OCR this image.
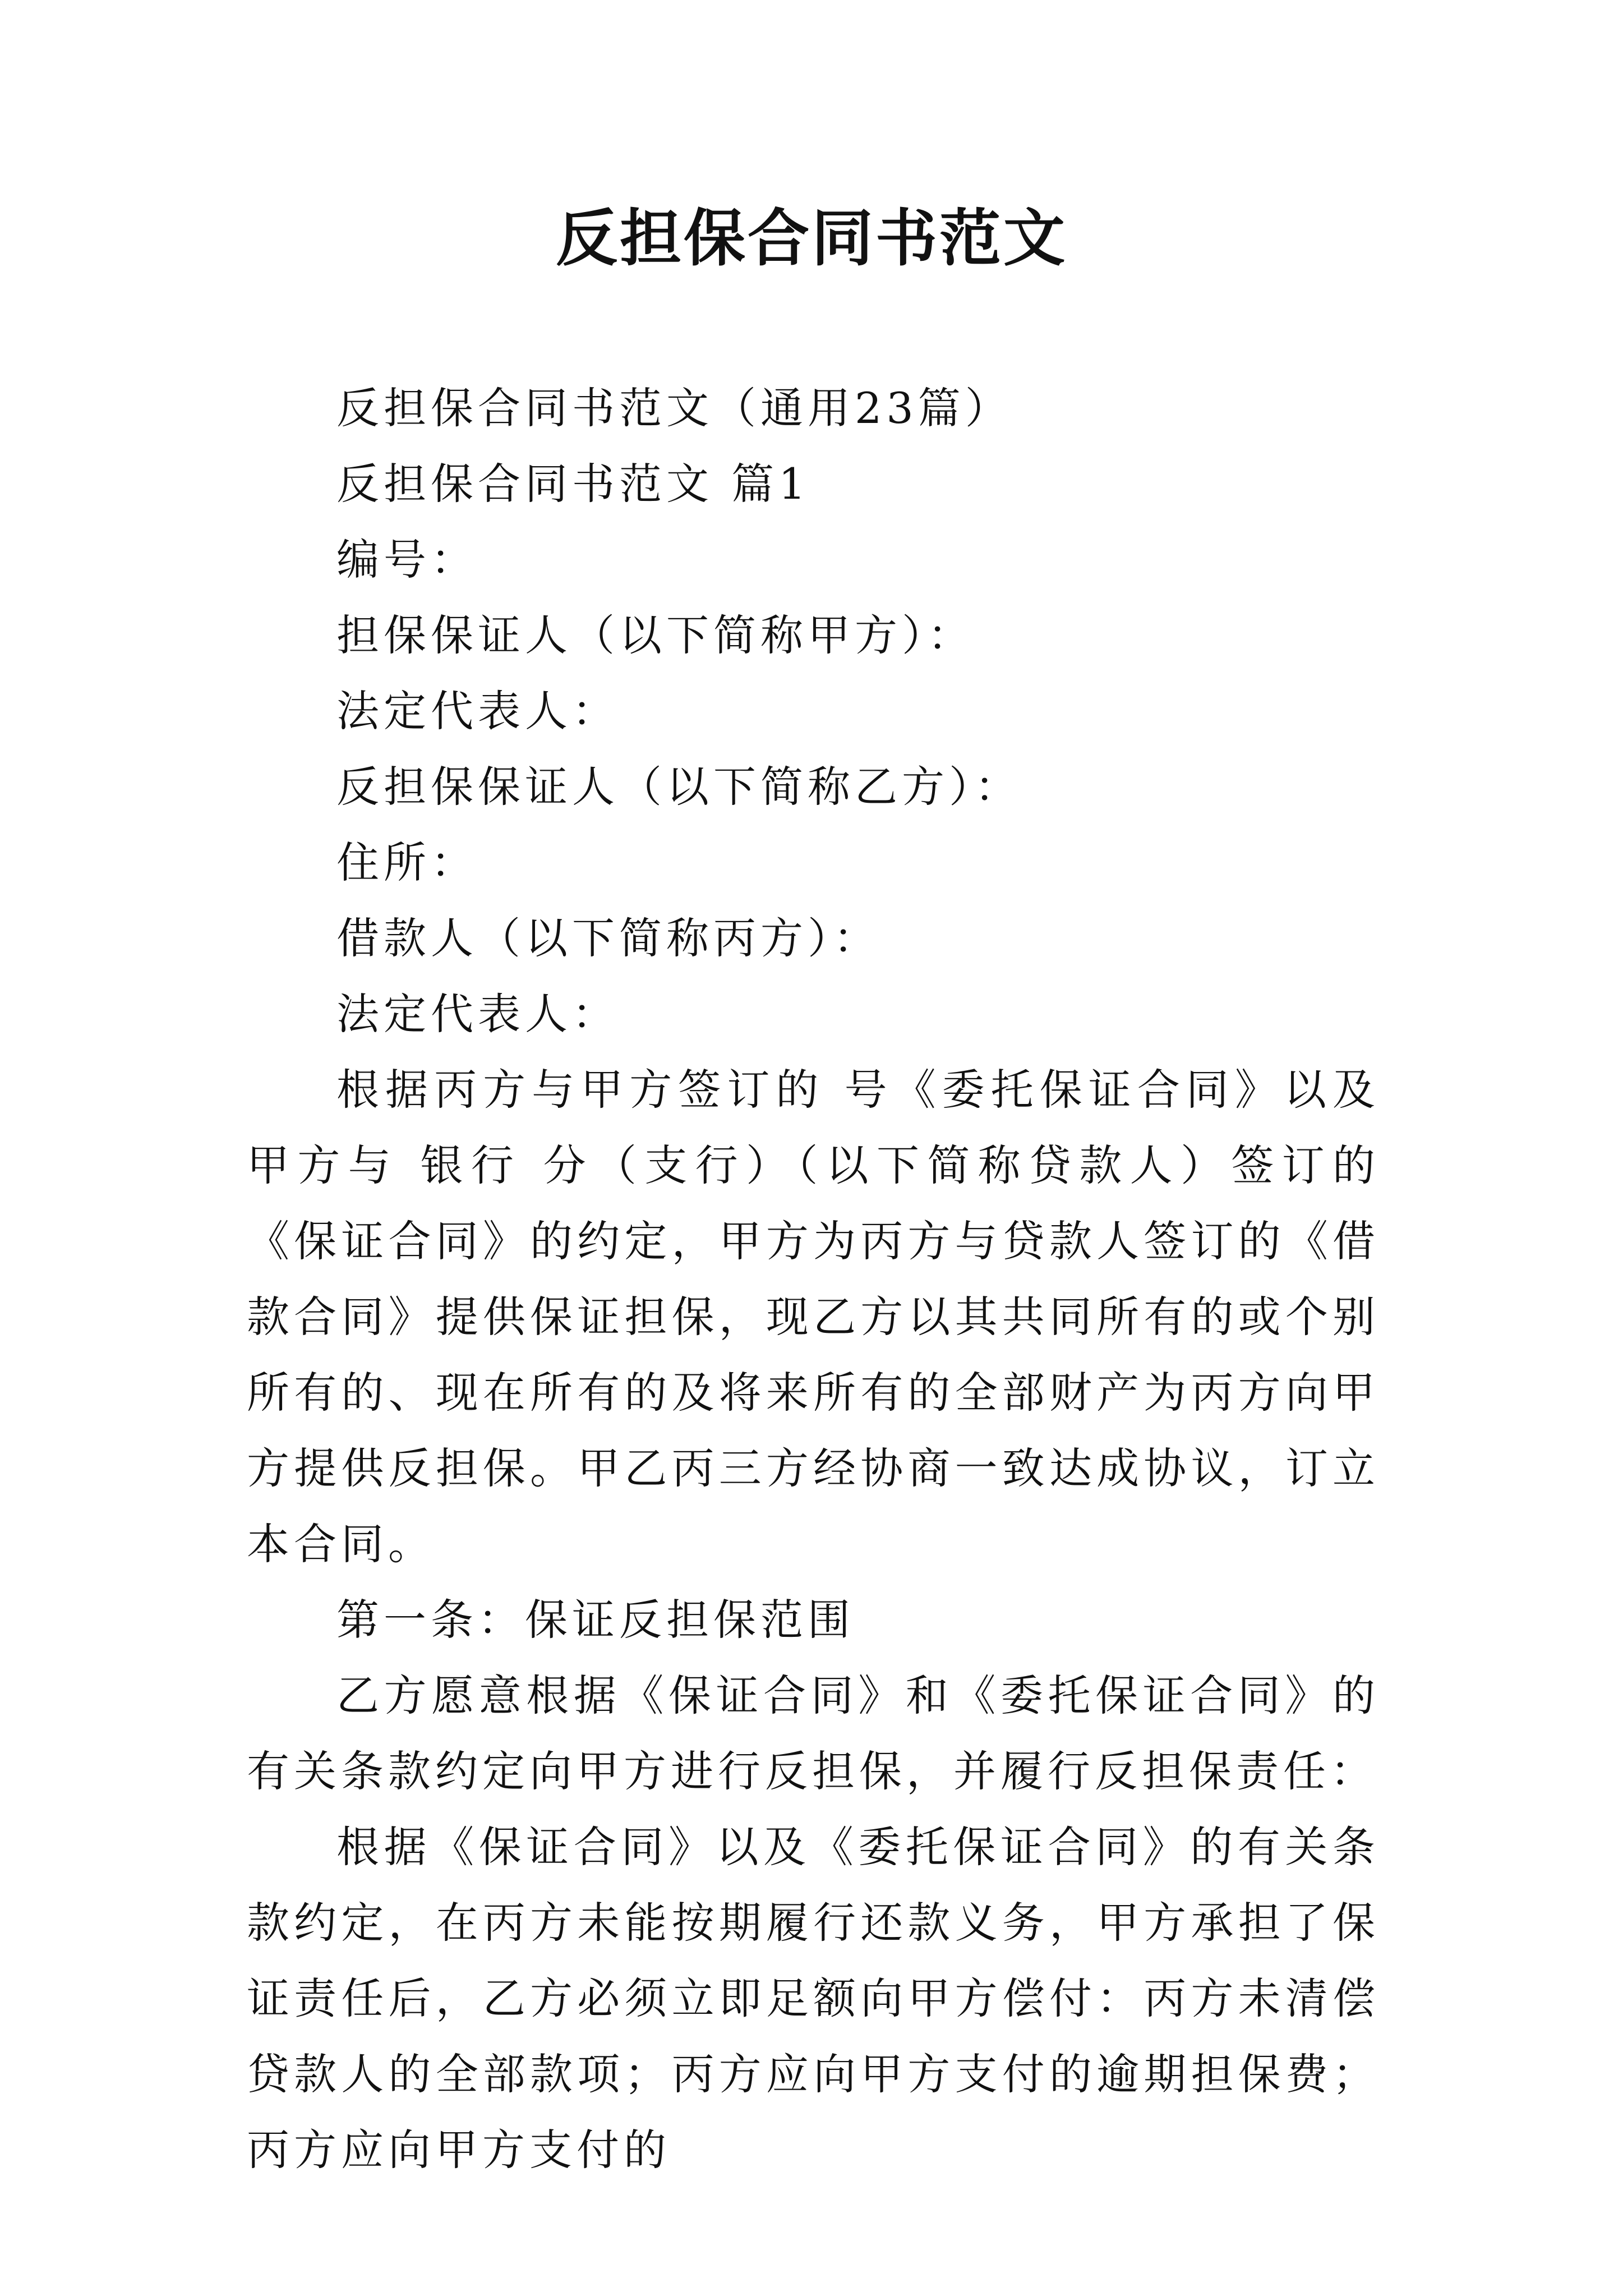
反担保合同书范文

反担保合同书范文（通用23篇）

反担保合同书范文 篇1

编号：

担保保证人（以下简称甲方）：

法定代表人：

反担保保证人（以下简称乙方）：

住所：

借款人（以下简称丙方）：

法定代表人：

根据丙方与甲方签订的 号《委托保证合同》以及甲方与 银行 分（支行）（以下简称贷款人）签订的《保证合同》的约定，甲方为丙方与贷款人签订的《借款合同》提供保证担保，现乙方以其共同所有的或个别所有的、现在所有的及将来所有的全部财产为丙方向甲方提供反担保。甲乙丙三方经协商一致达成协议，订立本合同。

第一条：保证反担保范围

乙方愿意根据《保证合同》和《委托保证合同》的有关条款约定向甲方进行反担保，并履行反担保责任：

根据《保证合同》以及《委托保证合同》的有关条款约定，在丙方未能按期履行还款义务，甲方承担了保证责任后，乙方必须立即足额向甲方偿付：丙方未清偿贷款人的全部款项；丙方应向甲方支付的逾期担保费；丙方应向甲方支付的
